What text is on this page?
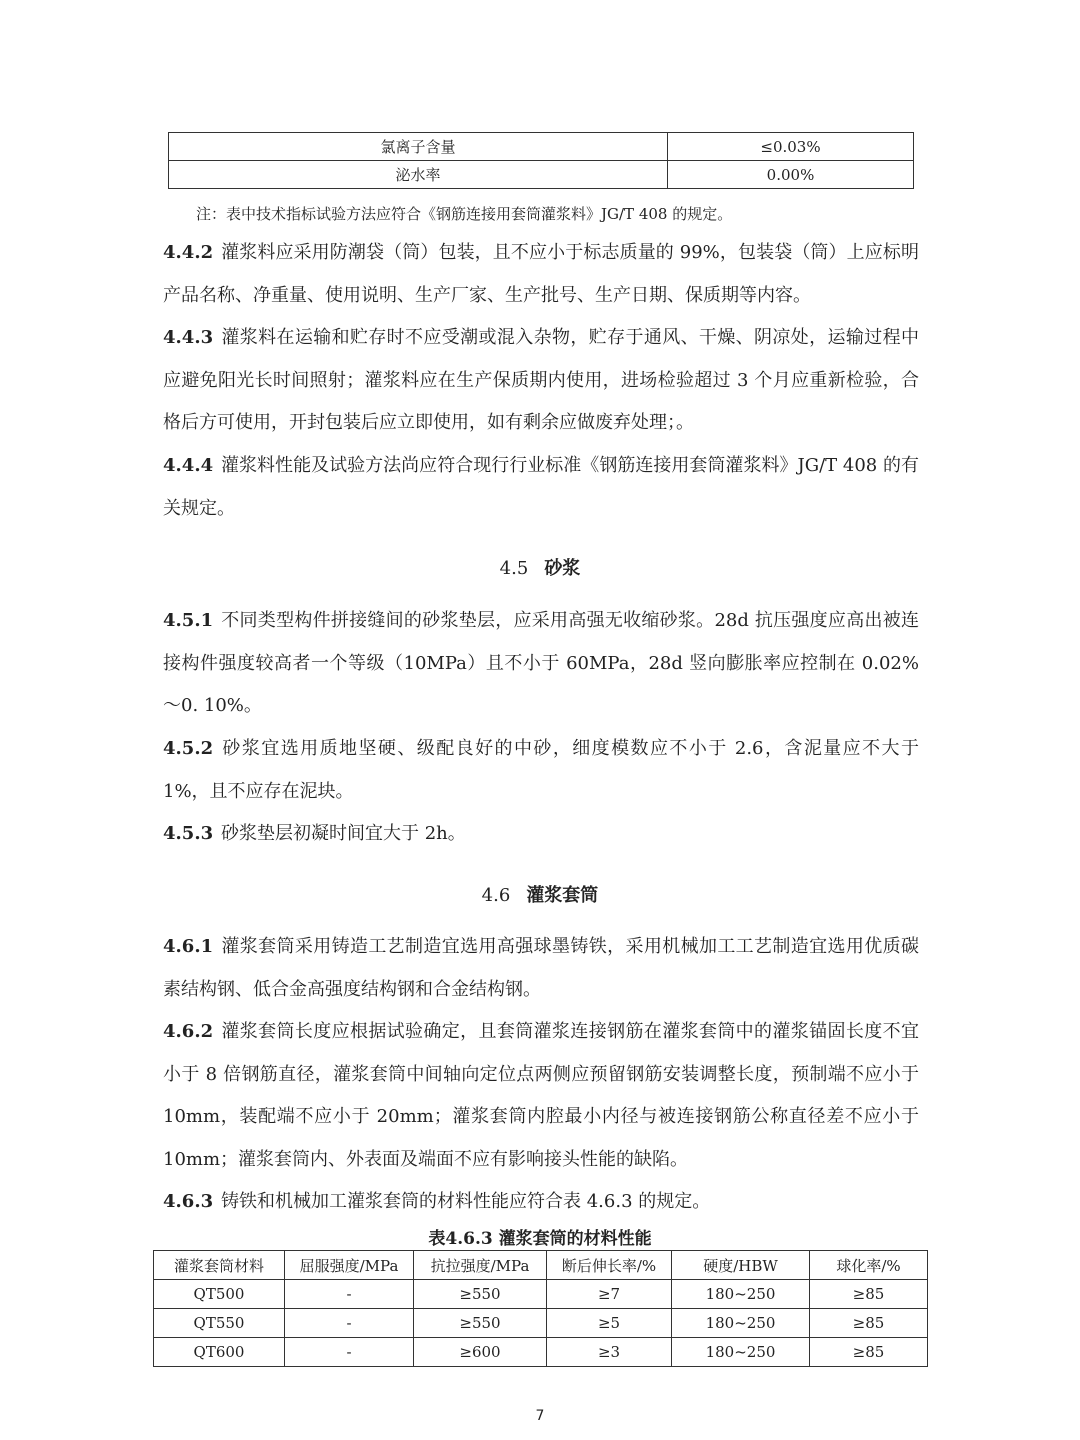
氯离子含量	≤0.03%
泌水率	0.00%
注：表中技术指标试验方法应符合《钢筋连接用套筒灌浆料》JG/T 408 的规定。
4.4.2 灌浆料应采用防潮袋（筒）包装，且不应小于标志质量的 99%，包装袋（筒）上应标明产品名称、净重量、使用说明、生产厂家、生产批号、生产日期、保质期等内容。
4.4.3 灌浆料在运输和贮存时不应受潮或混入杂物，贮存于通风、干燥、阴凉处，运输过程中应避免阳光长时间照射；灌浆料应在生产保质期内使用，进场检验超过 3 个月应重新检验，合格后方可使用，开封包装后应立即使用，如有剩余应做废弃处理；。
4.4.4 灌浆料性能及试验方法尚应符合现行行业标准《钢筋连接用套筒灌浆料》JG/T 408 的有关规定。
4.5 砂浆
4.5.1 不同类型构件拼接缝间的砂浆垫层，应采用高强无收缩砂浆。28d 抗压强度应高出被连接构件强度较高者一个等级（10MPa）且不小于 60MPa，28d 竖向膨胀率应控制在 0.02%～0. 10%。
4.5.2 砂浆宜选用质地坚硬、级配良好的中砂，细度模数应不小于 2.6，含泥量应不大于 1%，且不应存在泥块。
4.5.3 砂浆垫层初凝时间宜大于 2h。
4.6 灌浆套筒
4.6.1 灌浆套筒采用铸造工艺制造宜选用高强球墨铸铁，采用机械加工工艺制造宜选用优质碳素结构钢、低合金高强度结构钢和合金结构钢。
4.6.2 灌浆套筒长度应根据试验确定，且套筒灌浆连接钢筋在灌浆套筒中的灌浆锚固长度不宜小于 8 倍钢筋直径，灌浆套筒中间轴向定位点两侧应预留钢筋安装调整长度，预制端不应小于 10mm，装配端不应小于 20mm；灌浆套筒内腔最小内径与被连接钢筋公称直径差不应小于 10mm；灌浆套筒内、外表面及端面不应有影响接头性能的缺陷。
4.6.3 铸铁和机械加工灌浆套筒的材料性能应符合表 4.6.3 的规定。
表4.6.3 灌浆套筒的材料性能
灌浆套筒材料	屈服强度/MPa	抗拉强度/MPa	断后伸长率/%	硬度/HBW	球化率/%
QT500	-	≥550	≥7	180~250	≥85
QT550	-	≥550	≥5	180~250	≥85
QT600	-	≥600	≥3	180~250	≥85
7
